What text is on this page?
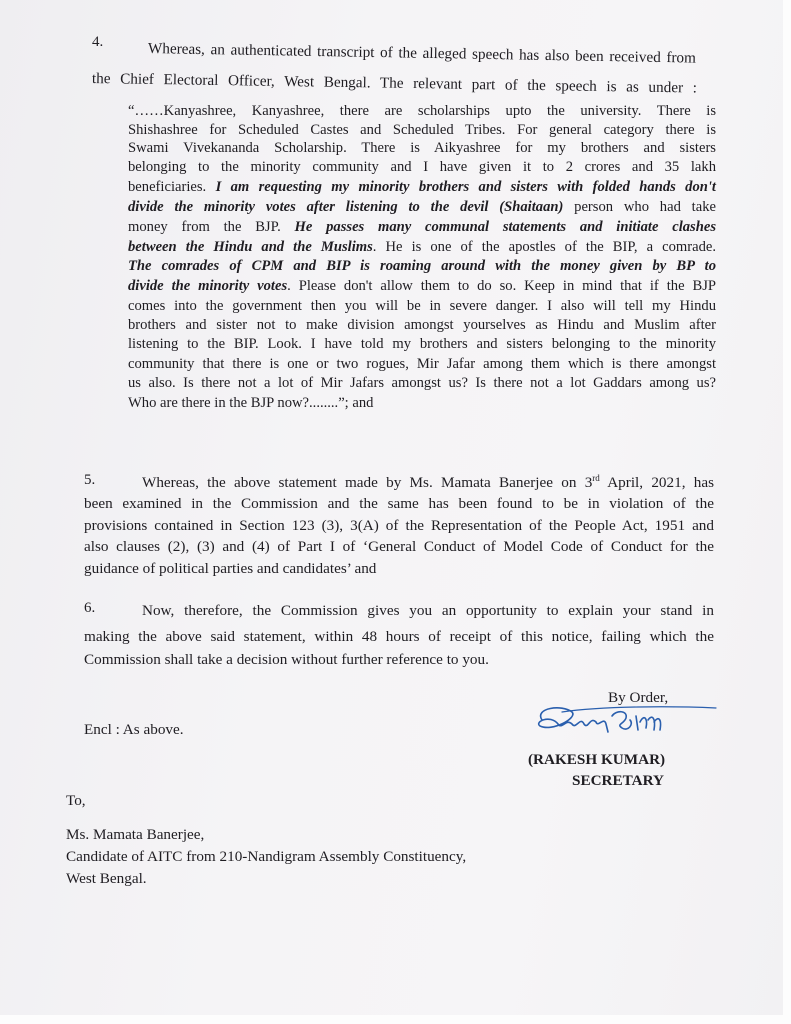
4.	Whereas, an authenticated transcript of the alleged speech has also been received from
the Chief Electoral Officer, West Bengal. The relevant part of the speech is as under :
“……Kanyashree, Kanyashree, there are scholarships upto the university. There is
Shishashree for Scheduled Castes and Scheduled Tribes. For general category there is
Swami Vivekananda Scholarship. There is Aikyashree for my brothers and sisters
belonging to the minority community and I have given it to 2 crores and 35 lakh
beneficiaries. I am requesting my minority brothers and sisters with folded hands don't
divide the minority votes after listening to the devil (Shaitaan) person who had take
money from the BJP. He passes many communal statements and initiate clashes
between the Hindu and the Muslims. He is one of the apostles of the BIP, a comrade.
The comrades of CPM and BIP is roaming around with the money given by BP to
divide the minority votes. Please don't allow them to do so. Keep in mind that if the BJP
comes into the government then you will be in severe danger. I also will tell my Hindu
brothers and sister not to make division amongst yourselves as Hindu and Muslim after
listening to the BIP. Look. I have told my brothers and sisters belonging to the minority
community that there is one or two rogues, Mir Jafar among them which is there amongst
us also. Is there not a lot of Mir Jafars amongst us? Is there not a lot Gaddars among us?
Who are there in the BJP now?........”; and
5.	Whereas, the above statement made by Ms. Mamata Banerjee on 3rd April, 2021, has
been examined in the Commission and the same has been found to be in violation of the
provisions contained in Section 123 (3), 3(A) of the Representation of the People Act, 1951 and
also clauses (2), (3) and (4) of Part I of ‘General Conduct of Model Code of Conduct for the
guidance of political parties and candidates’ and
6.	Now, therefore, the Commission gives you an opportunity to explain your stand in
making the above said statement, within 48 hours of receipt of this notice, failing which the
Commission shall take a decision without further reference to you.
By Order,
Encl : As above.
(RAKESH KUMAR)
SECRETARY
To,
Ms. Mamata Banerjee,
Candidate of AITC from 210-Nandigram Assembly Constituency,
West Bengal.
